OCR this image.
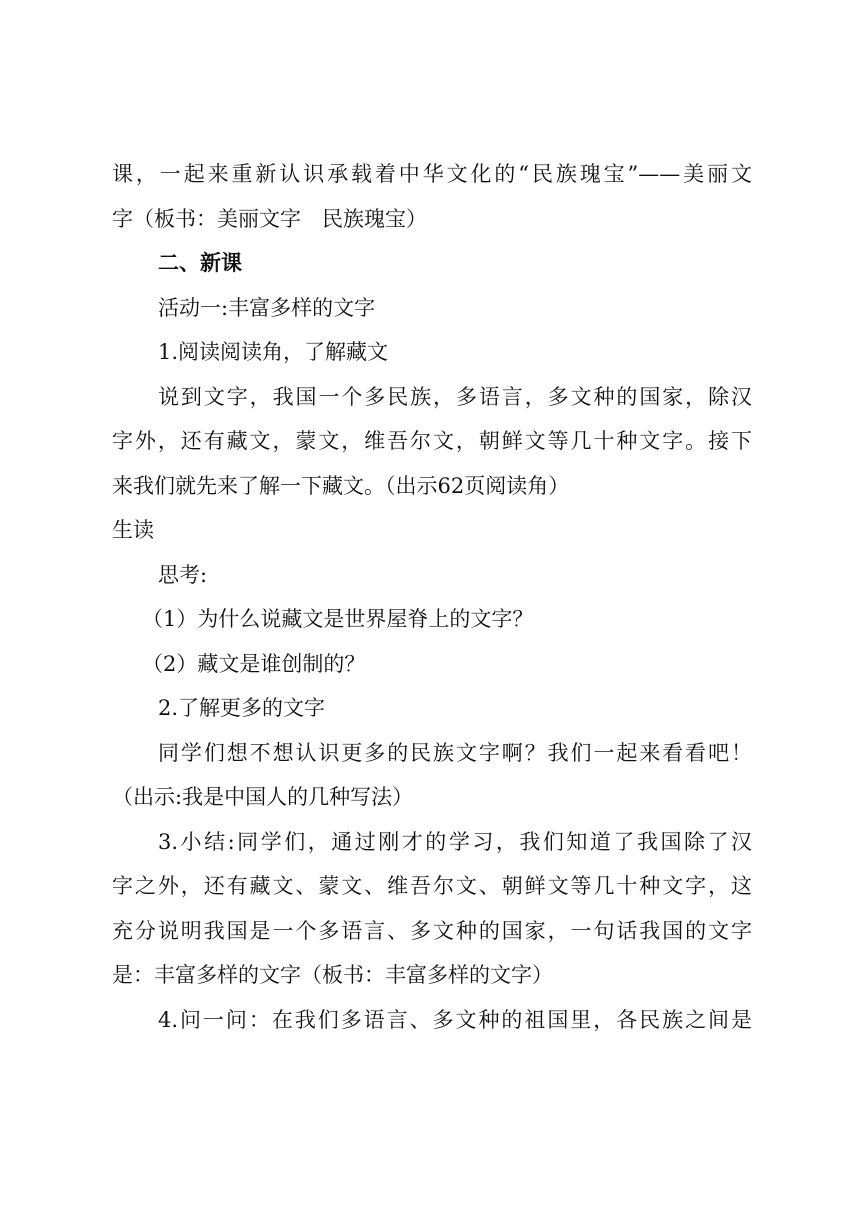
课，一起来重新认识承载着中华文化的“民族瑰宝”——美丽文
字（板书：美丽文字　民族瑰宝）
二、新课
活动一:丰富多样的文字
1.阅读阅读角，了解藏文
说到文字，我国一个多民族，多语言，多文种的国家，除汉
字外，还有藏文，蒙文，维吾尔文，朝鲜文等几十种文字。接下
来我们就先来了解一下藏文。（出示62页阅读角）
生读
思考:
（1）为什么说藏文是世界屋脊上的文字？
（2）藏文是谁创制的？
2.了解更多的文字
同学们想不想认识更多的民族文字啊？我们一起来看看吧！
（出示:我是中国人的几种写法）
3.小结:同学们，通过刚才的学习，我们知道了我国除了汉
字之外，还有藏文、蒙文、维吾尔文、朝鲜文等几十种文字，这
充分说明我国是一个多语言、多文种的国家，一句话我国的文字
是：丰富多样的文字（板书：丰富多样的文字）
4.问一问：在我们多语言、多文种的祖国里，各民族之间是
